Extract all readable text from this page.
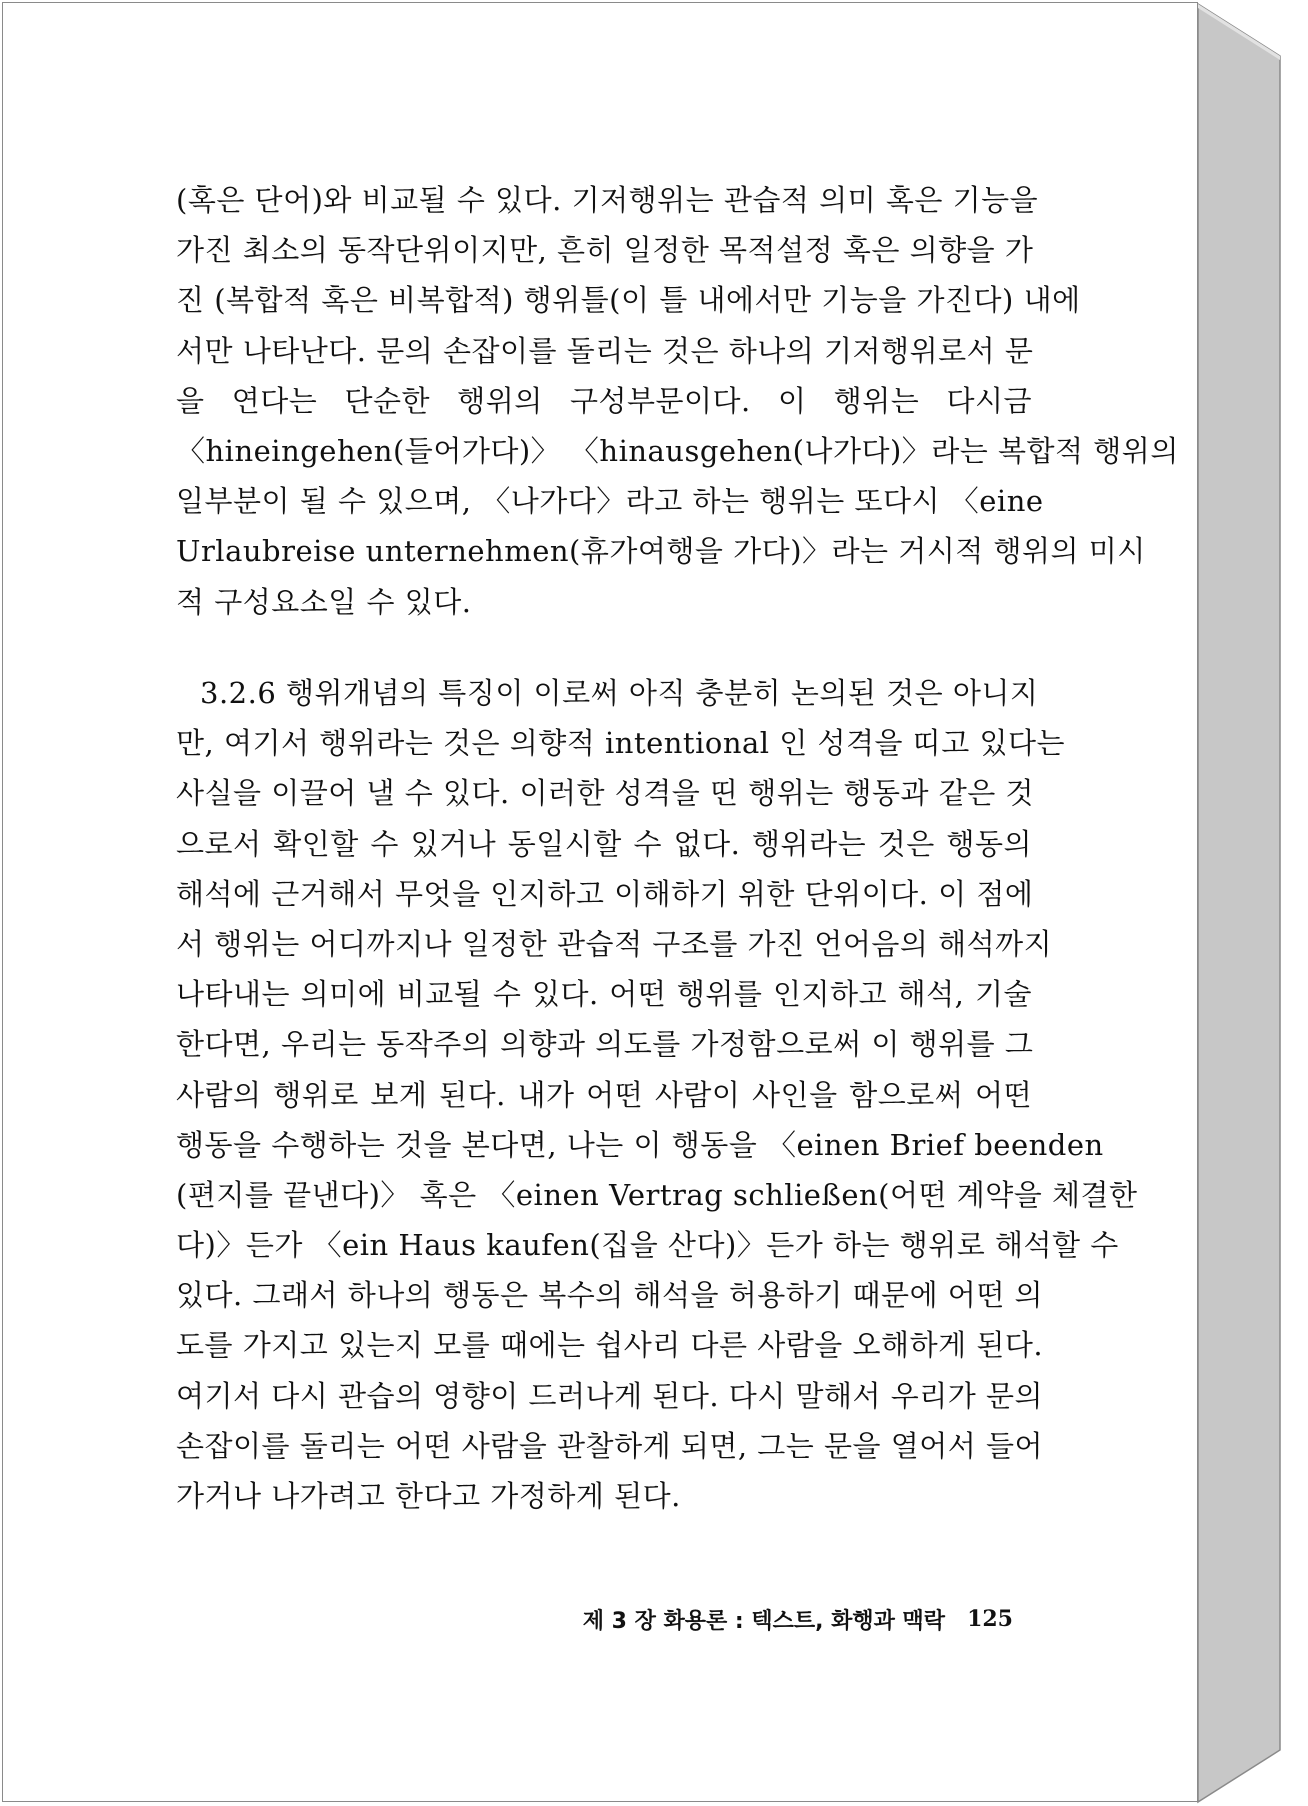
(혹은 단어)와 비교될 수 있다. 기저행위는 관습적 의미 혹은 기능을
가진 최소의 동작단위이지만, 흔히 일정한 목적설정 혹은 의향을 가
진 (복합적 혹은 비복합적) 행위틀(이 틀 내에서만 기능을 가진다) 내에
서만 나타난다. 문의 손잡이를 돌리는 것은 하나의 기저행위로서 문
을 연다는 단순한 행위의 구성부문이다. 이 행위는 다시금
〈hineingehen(들어가다)〉 〈hinausgehen(나가다)〉라는 복합적 행위의
일부분이 될 수 있으며, 〈나가다〉라고 하는 행위는 또다시 〈eine
Urlaubreise unternehmen(휴가여행을 가다)〉라는 거시적 행위의 미시
적 구성요소일 수 있다.
3.2.6 행위개념의 특징이 이로써 아직 충분히 논의된 것은 아니지
만, 여기서 행위라는 것은 의향적 intentional 인 성격을 띠고 있다는
사실을 이끌어 낼 수 있다. 이러한 성격을 띤 행위는 행동과 같은 것
으로서 확인할 수 있거나 동일시할 수 없다. 행위라는 것은 행동의
해석에 근거해서 무엇을 인지하고 이해하기 위한 단위이다. 이 점에
서 행위는 어디까지나 일정한 관습적 구조를 가진 언어음의 해석까지
나타내는 의미에 비교될 수 있다. 어떤 행위를 인지하고 해석, 기술
한다면, 우리는 동작주의 의향과 의도를 가정함으로써 이 행위를 그
사람의 행위로 보게 된다. 내가 어떤 사람이 사인을 함으로써 어떤
행동을 수행하는 것을 본다면, 나는 이 행동을 〈einen Brief beenden
(편지를 끝낸다)〉 혹은 〈einen Vertrag schließen(어떤 계약을 체결한
다)〉든가 〈ein Haus kaufen(집을 산다)〉든가 하는 행위로 해석할 수
있다. 그래서 하나의 행동은 복수의 해석을 허용하기 때문에 어떤 의
도를 가지고 있는지 모를 때에는 쉽사리 다른 사람을 오해하게 된다.
여기서 다시 관습의 영향이 드러나게 된다. 다시 말해서 우리가 문의
손잡이를 돌리는 어떤 사람을 관찰하게 되면, 그는 문을 열어서 들어
가거나 나가려고 한다고 가정하게 된다.
제 3 장 화용론 : 텍스트, 화행과 맥락 125
